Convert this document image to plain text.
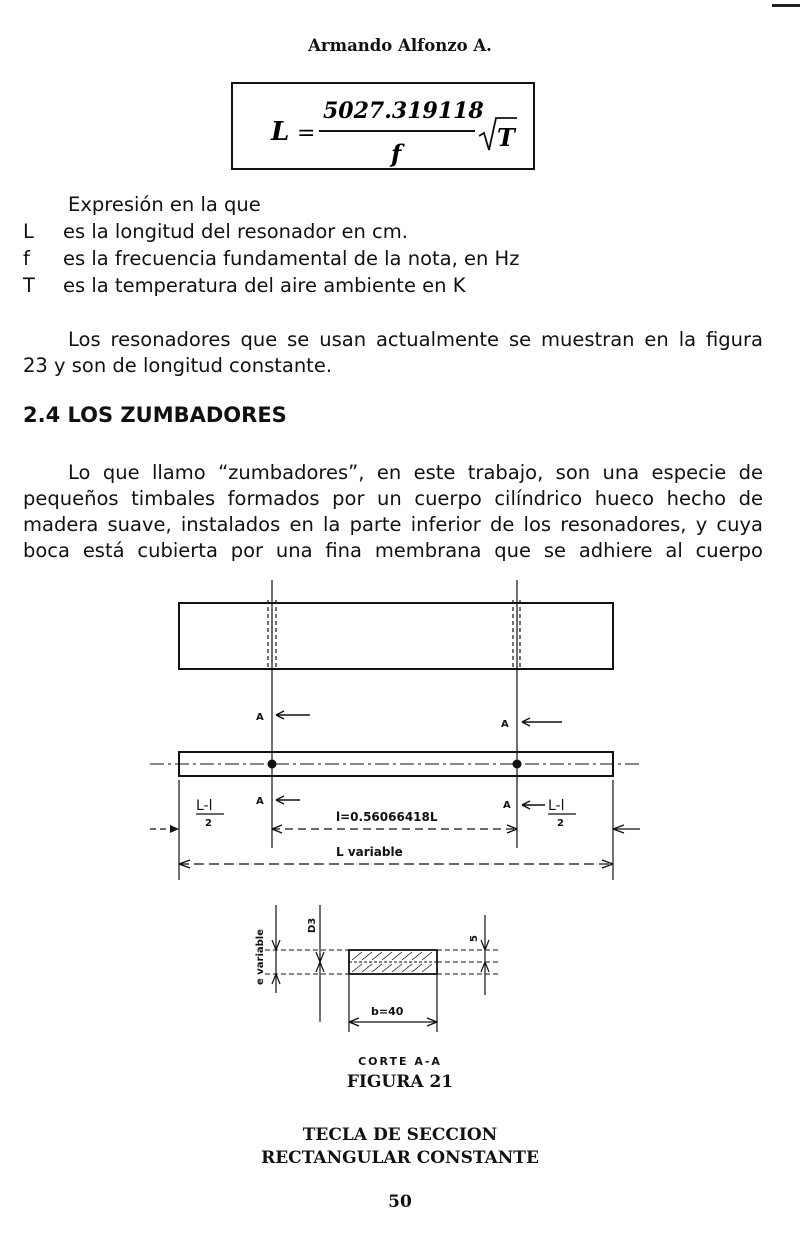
Armando Alfonzo A.
L =
5027.319118
f
T
Expresión en la que
L es la longitud del resonador en cm.
f es la frecuencia fundamental de la nota, en Hz
T es la temperatura del aire ambiente en K
Los resonadores que se usan actualmente se muestran en la figura
23 y son de longitud constante.
2.4 LOS ZUMBADORES
Lo que llamo “zumbadores”, en este trabajo, son una especie de
pequeños timbales formados por un cuerpo cilíndrico hueco hecho de
madera suave, instalados en la parte inferior de los resonadores, y cuya
boca está cubierta por una fina membrana que se adhiere al cuerpo
A
A
A	A
L-l
2
L-l
2
l=0.56066418L
L variable
e variable
D3
5
b=40
CORTE A-A
FIGURA 21
TECLA DE SECCION
RECTANGULAR CONSTANTE
50
